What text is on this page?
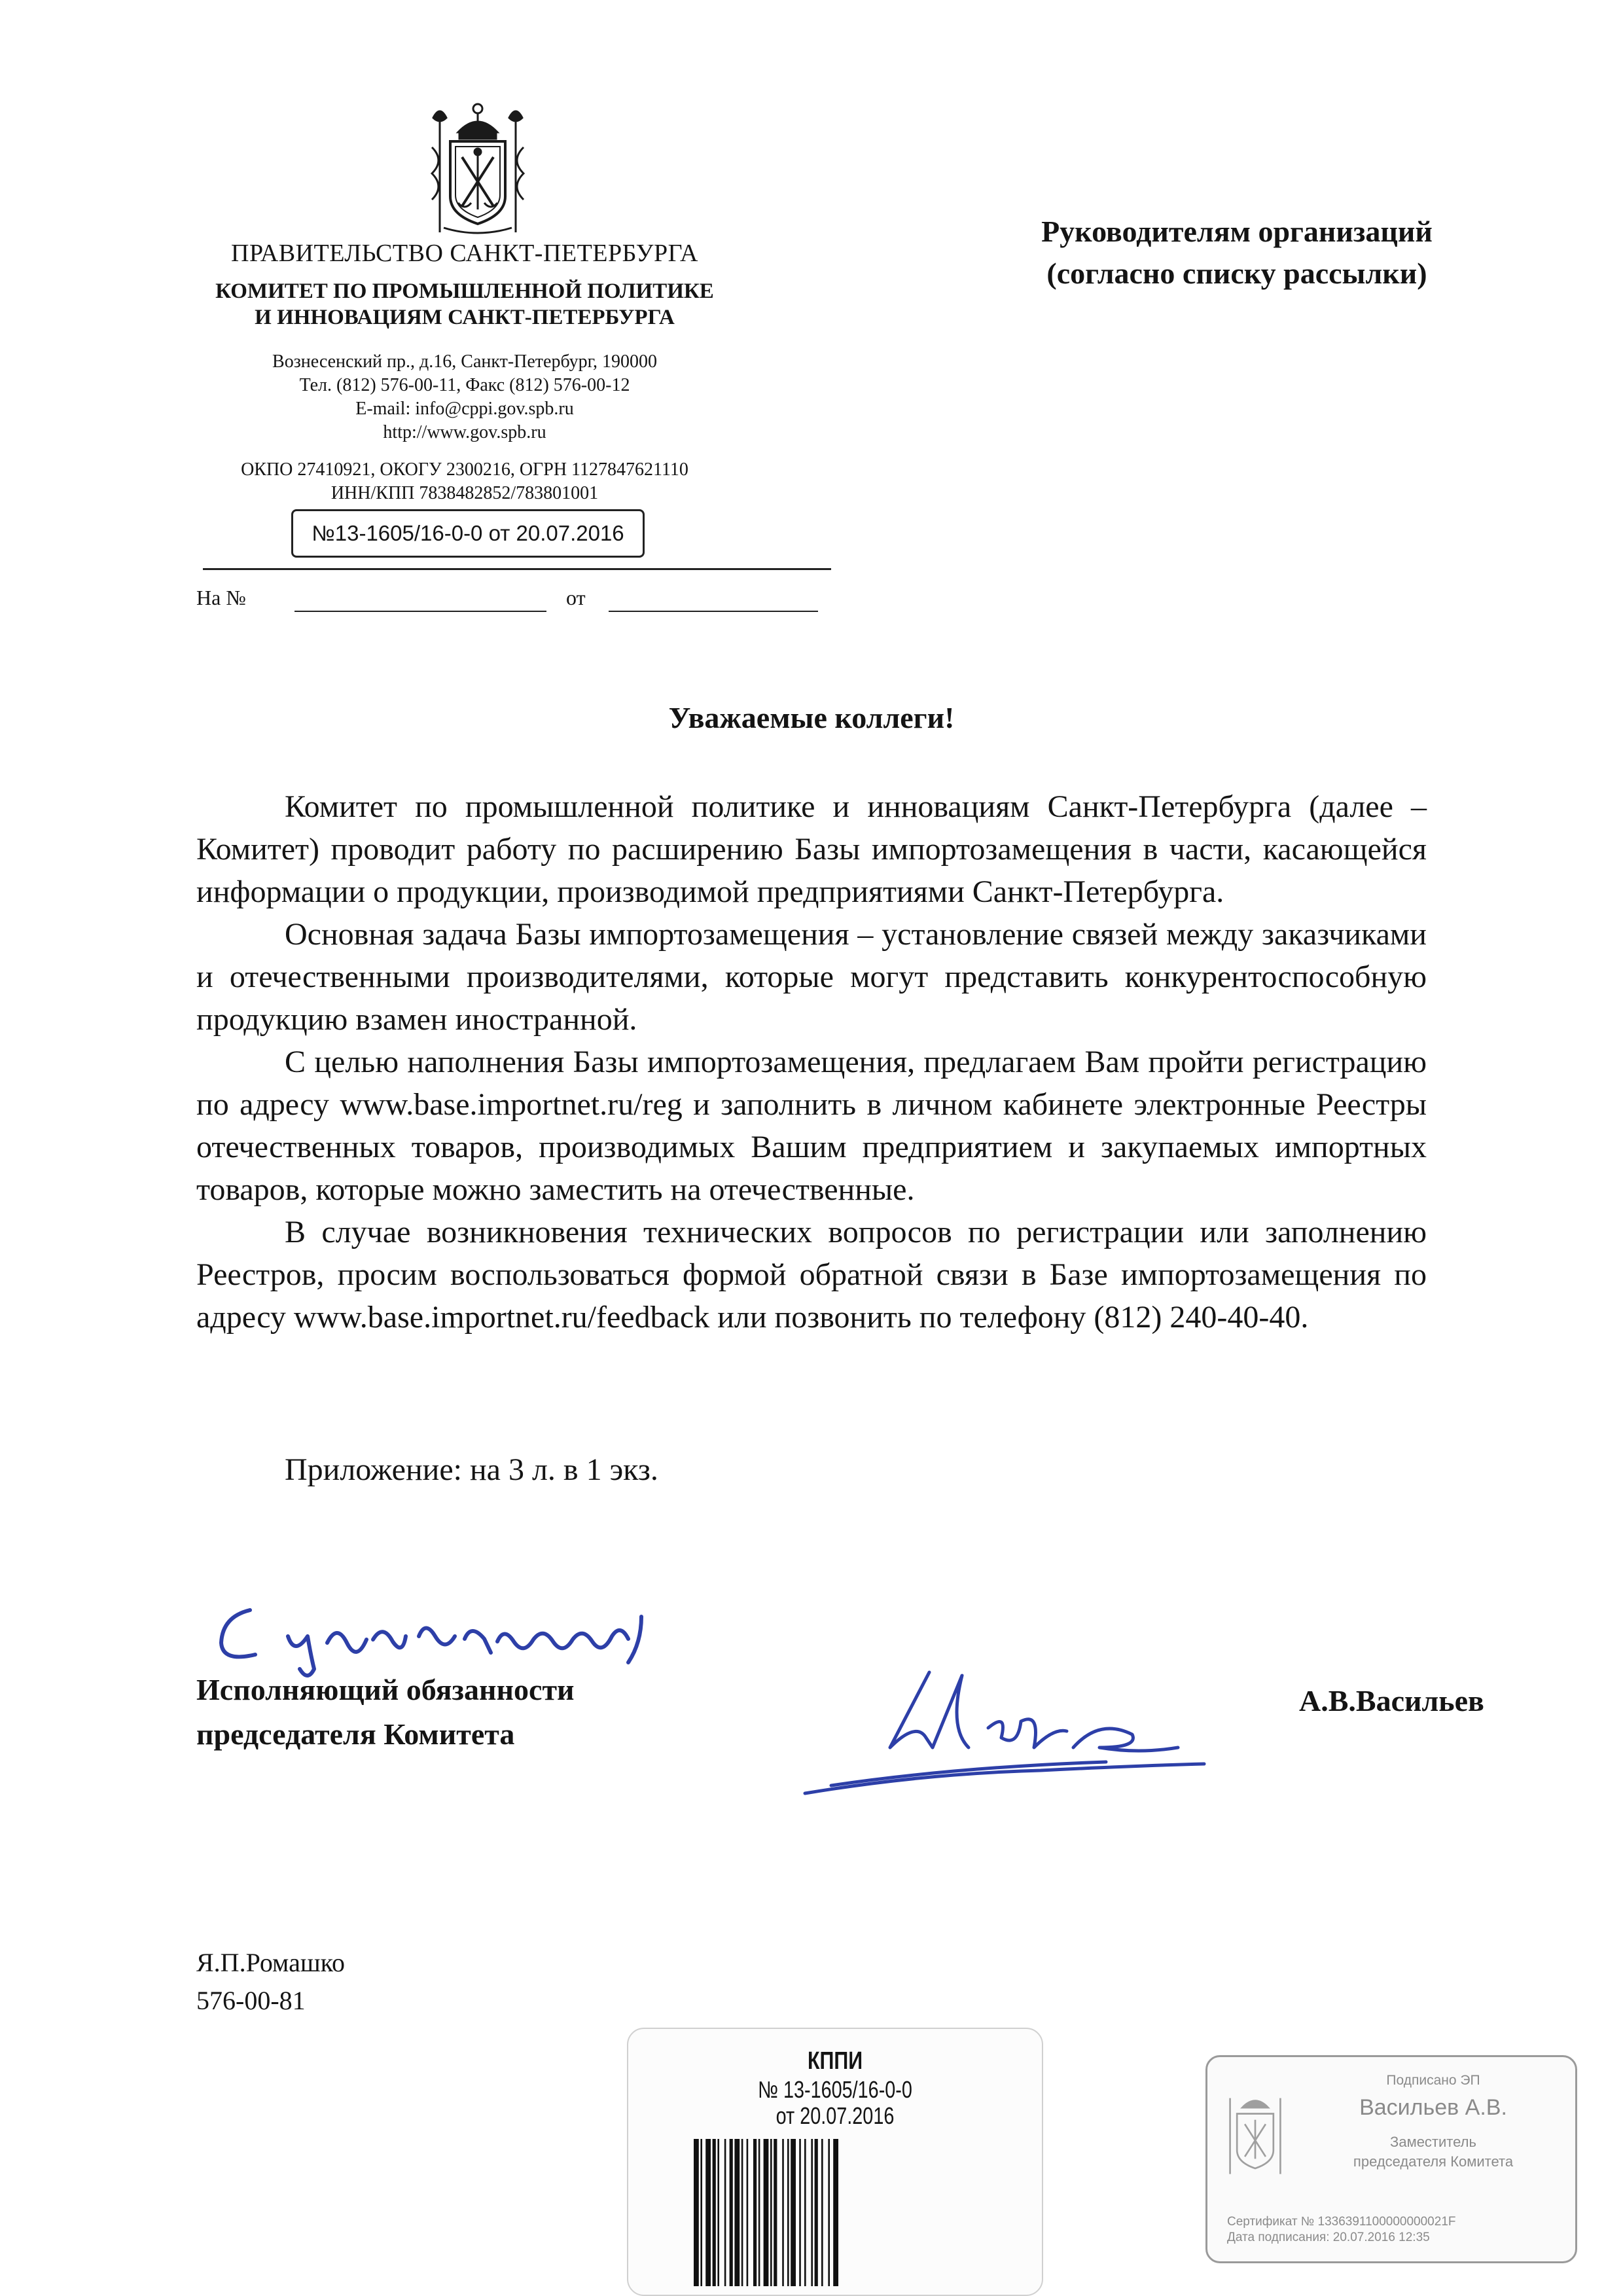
ПРАВИТЕЛЬСТВО САНКТ-ПЕТЕРБУРГА
КОМИТЕТ ПО ПРОМЫШЛЕННОЙ ПОЛИТИКЕ
И ИННОВАЦИЯМ САНКТ-ПЕТЕРБУРГА
Вознесенский пр., д.16, Санкт-Петербург, 190000
Тел. (812) 576-00-11, Факс (812) 576-00-12
E-mail: info@cppi.gov.spb.ru
http://www.gov.spb.ru
ОКПО 27410921, ОКОГУ 2300216, ОГРН 1127847621110
ИНН/КПП 7838482852/783801001
№13-1605/16-0-0 от 20.07.2016
На №	от
Руководителям организаций
(согласно списку рассылки)
Уважаемые коллеги!

Комитет по промышленной политике и инновациям Санкт-Петербурга (далее – Комитет) проводит работу по расширению Базы импортозамещения в части, касающейся информации о продукции, производимой предприятиями Санкт-Петербурга.

Основная задача Базы импортозамещения – установление связей между заказчиками и отечественными производителями, которые могут представить конкурентоспособную продукцию взамен иностранной.

С целью наполнения Базы импортозамещения, предлагаем Вам пройти регистрацию по адресу www.base.importnet.ru/reg и заполнить в личном кабинете электронные Реестры отечественных товаров, производимых Вашим предприятием и закупаемых импортных товаров, которые можно заместить на отечественные.

В случае возникновения технических вопросов по регистрации или заполнению Реестров, просим воспользоваться формой обратной связи в Базе импортозамещения по адресу www.base.importnet.ru/feedback или позвонить по телефону (812) 240-40-40.

Приложение: на 3 л. в 1 экз.
Исполняющий обязанности
председателя Комитета
А.В.Васильев
Я.П.Ромашко
576-00-81
КППИ
№ 13-1605/16-0-0
от 20.07.2016
Подписано ЭП
Васильев А.В.
Заместитель
председателя Комитета
Сертификат № 1336391100000000021F
Дата подписания: 20.07.2016 12:35
